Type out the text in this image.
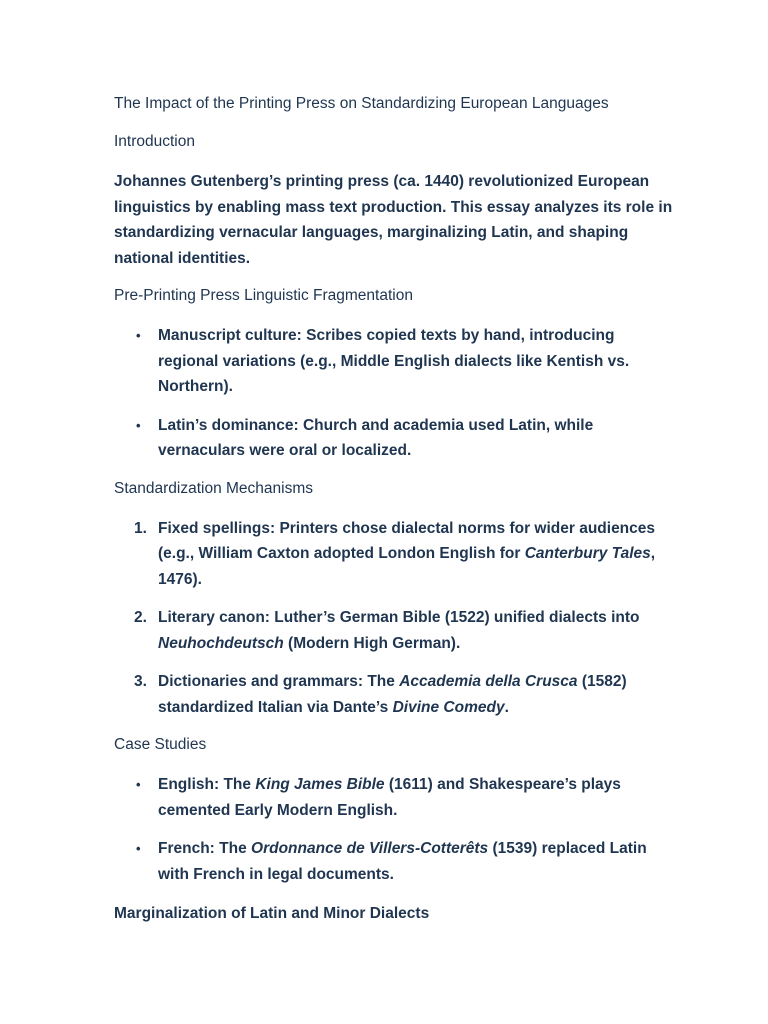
The Impact of the Printing Press on Standardizing European Languages

Introduction

Johannes Gutenberg’s printing press (ca. 1440) revolutionized European linguistics by enabling mass text production. This essay analyzes its role in standardizing vernacular languages, marginalizing Latin, and shaping national identities.

Pre-Printing Press Linguistic Fragmentation

• Manuscript culture: Scribes copied texts by hand, introducing regional variations (e.g., Middle English dialects like Kentish vs. Northern).
• Latin’s dominance: Church and academia used Latin, while vernaculars were oral or localized.

Standardization Mechanisms

1. Fixed spellings: Printers chose dialectal norms for wider audiences (e.g., William Caxton adopted London English for Canterbury Tales, 1476).
2. Literary canon: Luther’s German Bible (1522) unified dialects into Neuhochdeutsch (Modern High German).
3. Dictionaries and grammars: The Accademia della Crusca (1582) standardized Italian via Dante’s Divine Comedy.

Case Studies

• English: The King James Bible (1611) and Shakespeare’s plays cemented Early Modern English.
• French: The Ordonnance de Villers-Cotterêts (1539) replaced Latin with French in legal documents.

Marginalization of Latin and Minor Dialects
